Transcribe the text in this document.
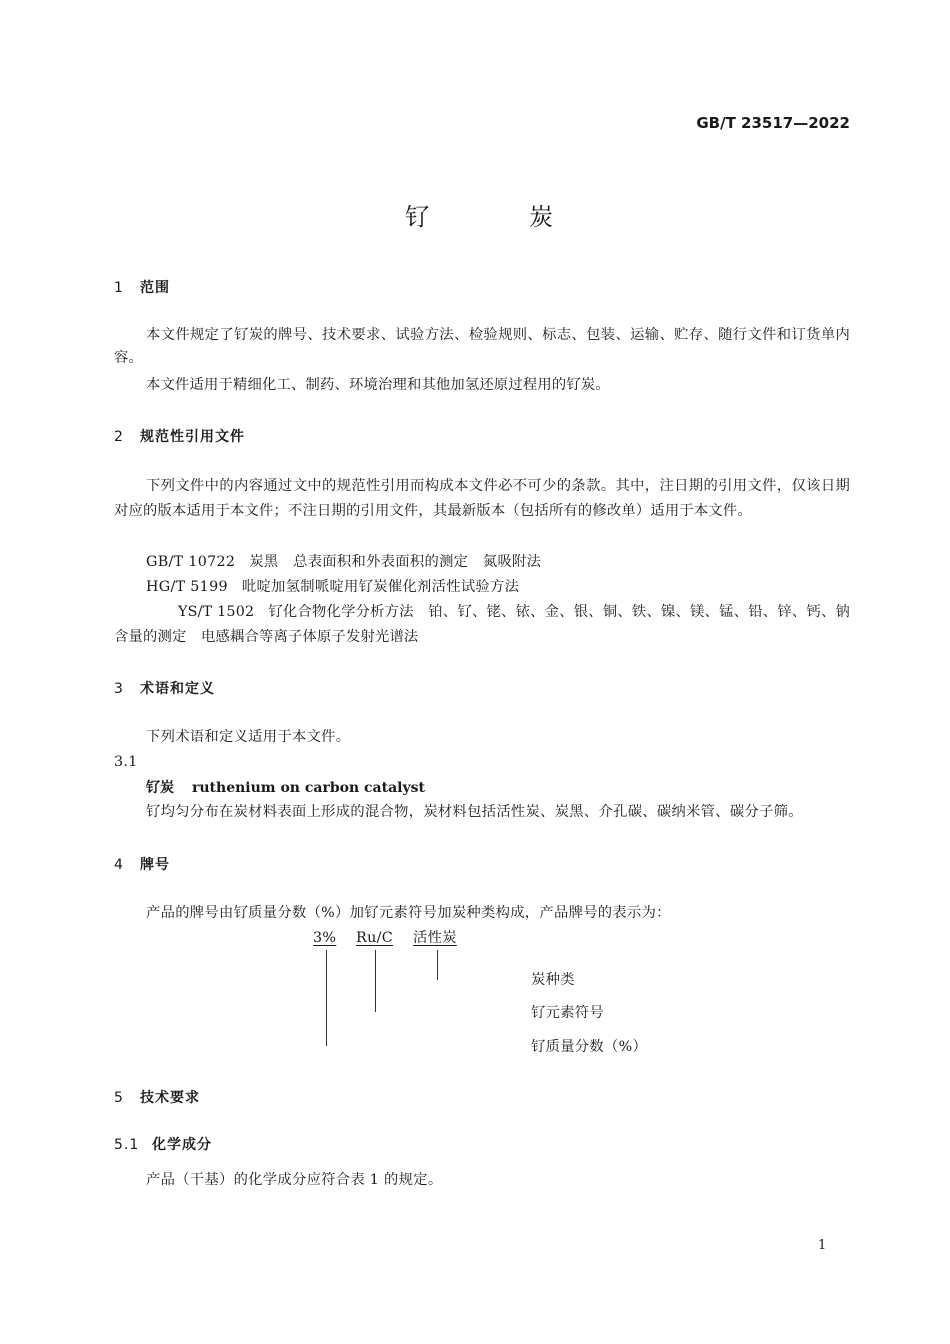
GB/T 23517—2022
钌	炭
1 范围
本文件规定了钌炭的牌号、技术要求、试验方法、检验规则、标志、包装、运输、贮存、随行文件和订货单内容。
本文件适用于精细化工、制药、环境治理和其他加氢还原过程用的钌炭。
2 规范性引用文件
下列文件中的内容通过文中的规范性引用而构成本文件必不可少的条款。其中，注日期的引用文件，仅该日期对应的版本适用于本文件；不注日期的引用文件，其最新版本（包括所有的修改单）适用于本文件。
GB/T 10722 炭黑　总表面积和外表面积的测定　氮吸附法
HG/T 5199 吡啶加氢制哌啶用钌炭催化剂活性试验方法
YS/T 1502 钌化合物化学分析方法　铂、钌、铑、铱、金、银、铜、铁、镍、镁、锰、铅、锌、钙、钠含量的测定　电感耦合等离子体原子发射光谱法
3 术语和定义
下列术语和定义适用于本文件。
3.1
钌炭 ruthenium on carbon catalyst
钌均匀分布在炭材料表面上形成的混合物，炭材料包括活性炭、炭黑、介孔碳、碳纳米管、碳分子筛。
4 牌号
产品的牌号由钌质量分数（%）加钌元素符号加炭种类构成，产品牌号的表示为：
3% Ru/C 活性炭
炭种类
钌元素符号
钌质量分数（%）
5 技术要求
5.1 化学成分
产品（干基）的化学成分应符合表 1 的规定。
1
